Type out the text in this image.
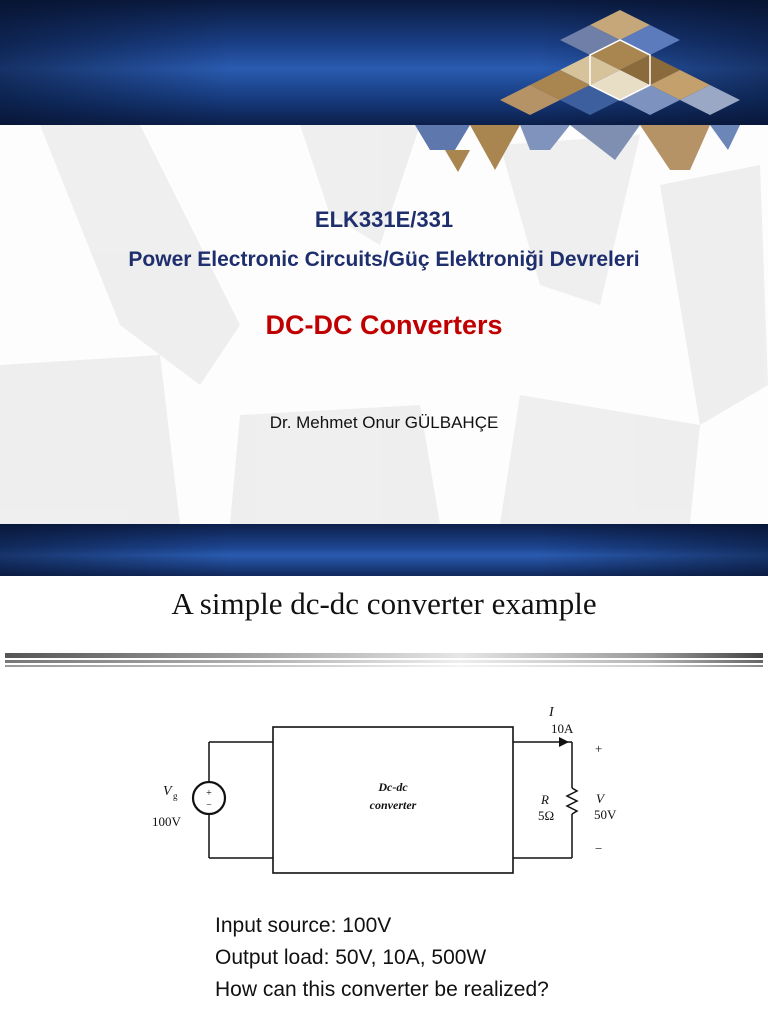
ELK331E/331
Power Electronic Circuits/Güç Elektroniği Devreleri
DC-DC Converters
Dr. Mehmet Onur GÜLBAHÇE
A simple dc-dc converter example
Dc-dc
converter
+
−
V g
100V
I
10A
+
−
R
5Ω
V
50V
Input source: 100V
Output load: 50V, 10A, 500W
How can this converter be realized?
